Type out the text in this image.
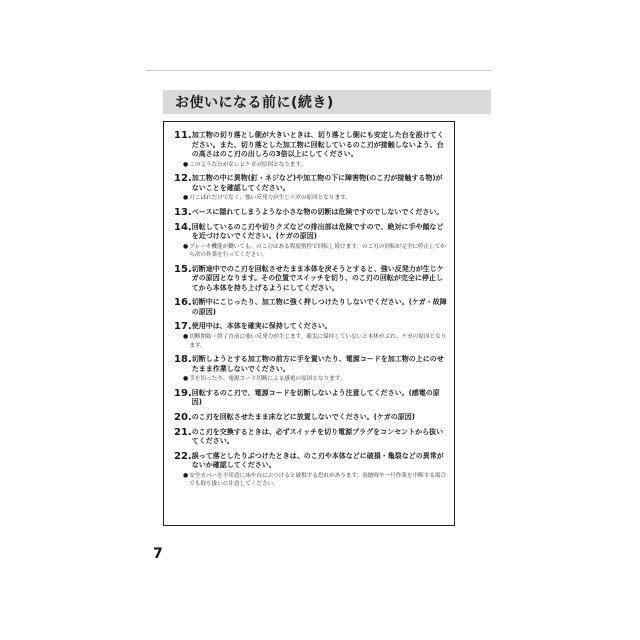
お使いになる前に(続き)
11. 加工物の切り落とし側が大きいときは、切り落とし側にも安定した台を設けてください。また、切り落とした加工物に回転しているのこ刃が接触しないよう、台の高さはのこ刃の出しろの3倍以上にしてください。
● このような台がないとケガの原因となります。
12. 加工物の中に異物(釘・ネジなど)や加工物の下に障害物(のこ刃が接触する物)がないことを確認してください。
● 刃こぼれだけでなく、強い反発力が生じケガの原因となります。
13. ベースに隠れてしまうような小さな物の切断は危険ですのでしないでください。
14. 回転しているのこ刃や切りクズなどの排出部は危険ですので、絶対に手や顔などを近づけないでください。(ケガの原因)
● ブレーキ機能が働いても、のこ刃はある程度惰性で回転し続けます。のこ刃の回転が完全に停止してから次の作業を行ってください。
15. 切断途中でのこ刃を回転させたまま本体を戻そうとすると、強い反発力が生じケガの原因となります。その位置でスイッチを切り、のこ刃の回転が完全に停止してから本体を持ち上げるようにしてください。
16. 切断中にこじったり、加工物に強く押しつけたりしないでください。(ケガ・故障の原因)
17. 使用中は、本体を確実に保持してください。
● 切断開始・終了直前に強い反発力が生じます。確実に保持していないと本体がぶれ、ケガの原因となります。
18. 切断しようとする加工物の前方に手を置いたり、電源コードを加工物の上にのせたまま作業しないでください。
● 手を切ったり、電源コード切断による感電の原因となります。
19. 回転するのこ刃で、電源コードを切断しないよう注意してください。(感電の原因)
20. のこ刃を回転させたまま床などに放置しないでください。(ケガの原因)
21. のこ刃を交換するときは、必ずスイッチを切り電源プラグをコンセントから抜いてください。
22. 誤って落としたりぶつけたときは、のこ刃や本体などに破損・亀裂などの異常がないか確認してください。
● 安全カバーを不用意に床や台にぶつけると破損する恐れがあります。収納時や一旦作業を中断する場合でも取り扱いに注意してください。
7
